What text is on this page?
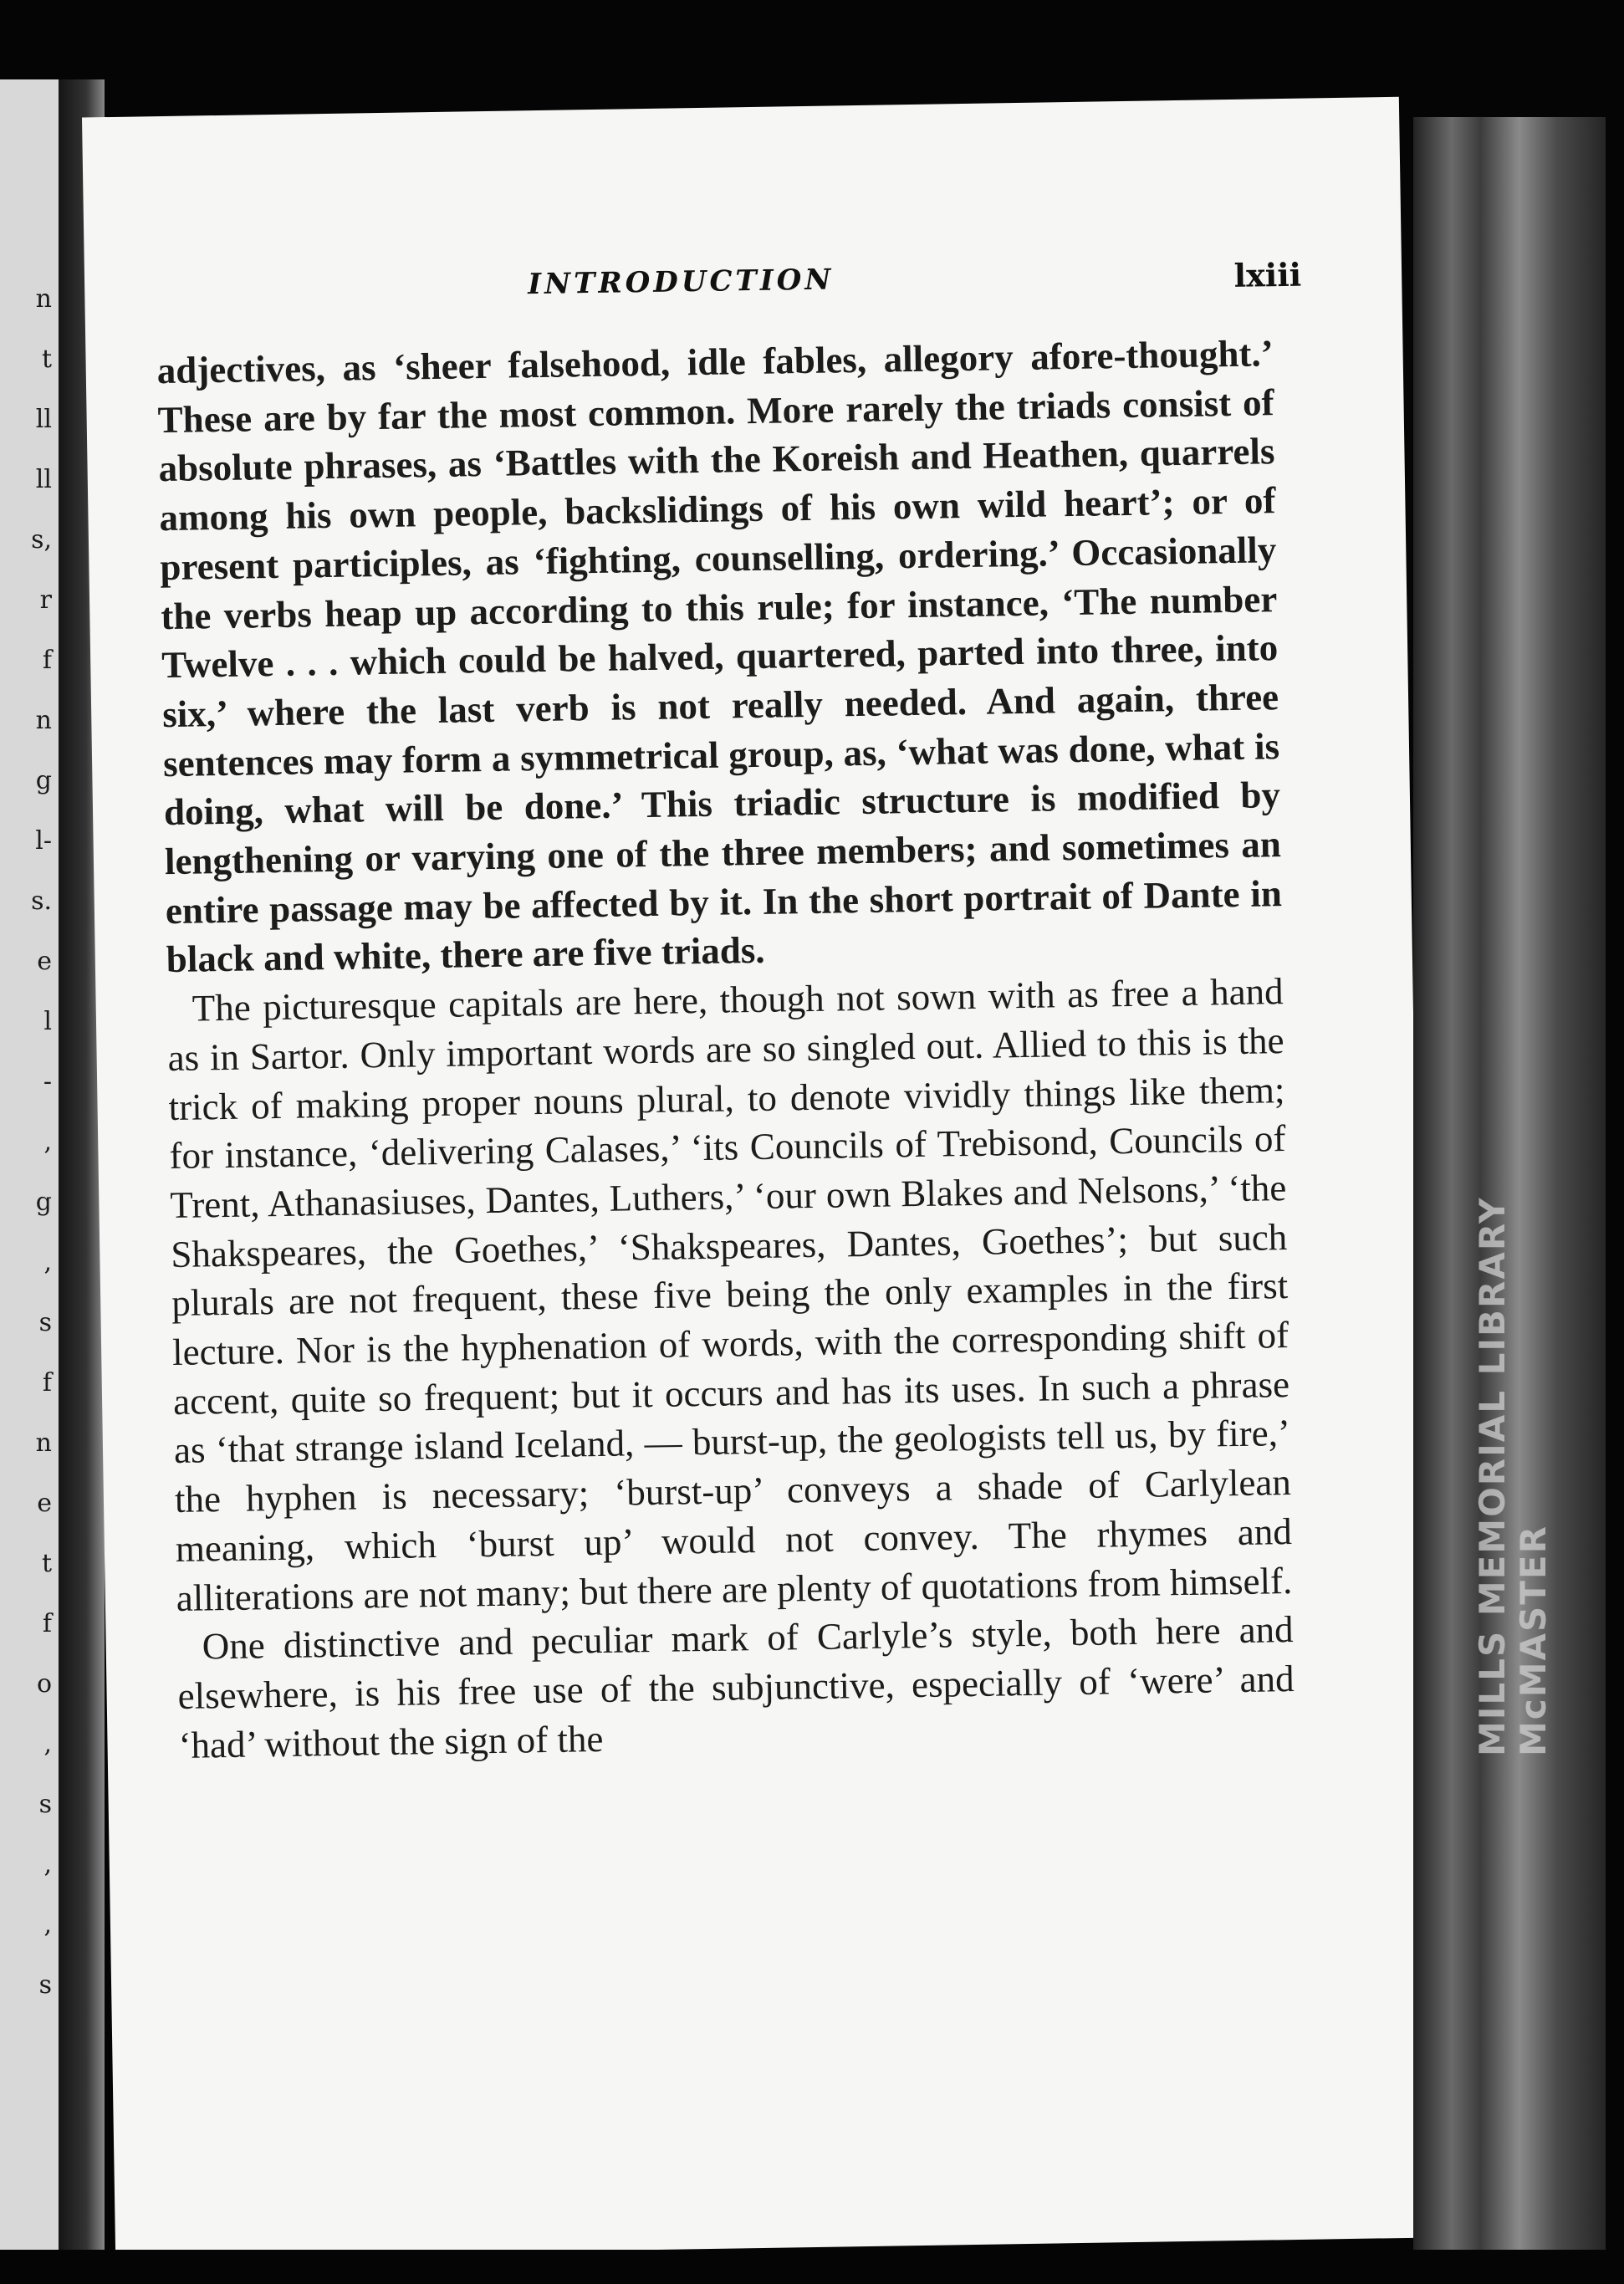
n
t
ll
ll
s,
r
f
n
g
l-
s.
e
l
-
,
g
,
s
f
n
e
t
f
o
,
s
,
,
s
INTRODUCTION	lxiii

adjectives, as ‘sheer falsehood, idle fables, allegory afore-thought.’ These are by far the most common. More rarely the triads consist of absolute phrases, as ‘Battles with the Koreish and Heathen, quarrels among his own people, backslidings of his own wild heart’; or of present participles, as ‘fighting, counselling, ordering.’ Occasionally the verbs heap up according to this rule; for instance, ‘The number Twelve . . . which could be halved, quartered, parted into three, into six,’ where the last verb is not really needed. And again, three sentences may form a symmetrical group, as, ‘what was done, what is doing, what will be done.’ This triadic structure is modified by lengthening or varying one of the three members; and sometimes an entire passage may be affected by it. In the short portrait of Dante in black and white, there are five triads.

The picturesque capitals are here, though not sown with as free a hand as in Sartor. Only important words are so singled out. Allied to this is the trick of making proper nouns plural, to denote vividly things like them; for instance, ‘delivering Calases,’ ‘its Councils of Trebisond, Councils of Trent, Athanasiuses, Dantes, Luthers,’ ‘our own Blakes and Nelsons,’ ‘the Shakspeares, the Goethes,’ ‘Shakspeares, Dantes, Goethes’; but such plurals are not frequent, these five being the only examples in the first lecture. Nor is the hyphenation of words, with the corresponding shift of accent, quite so frequent; but it occurs and has its uses. In such a phrase as ‘that strange island Iceland, — burst-up, the geologists tell us, by fire,’ the hyphen is necessary; ‘burst-up’ conveys a shade of Carlylean meaning, which ‘burst up’ would not convey. The rhymes and alliterations are not many; but there are plenty of quotations from himself.

One distinctive and peculiar mark of Carlyle’s style, both here and elsewhere, is his free use of the subjunctive, especially of ‘were’ and ‘had’ without the sign of the	MILLS MEMORIAL LIBRARY McMASTER
